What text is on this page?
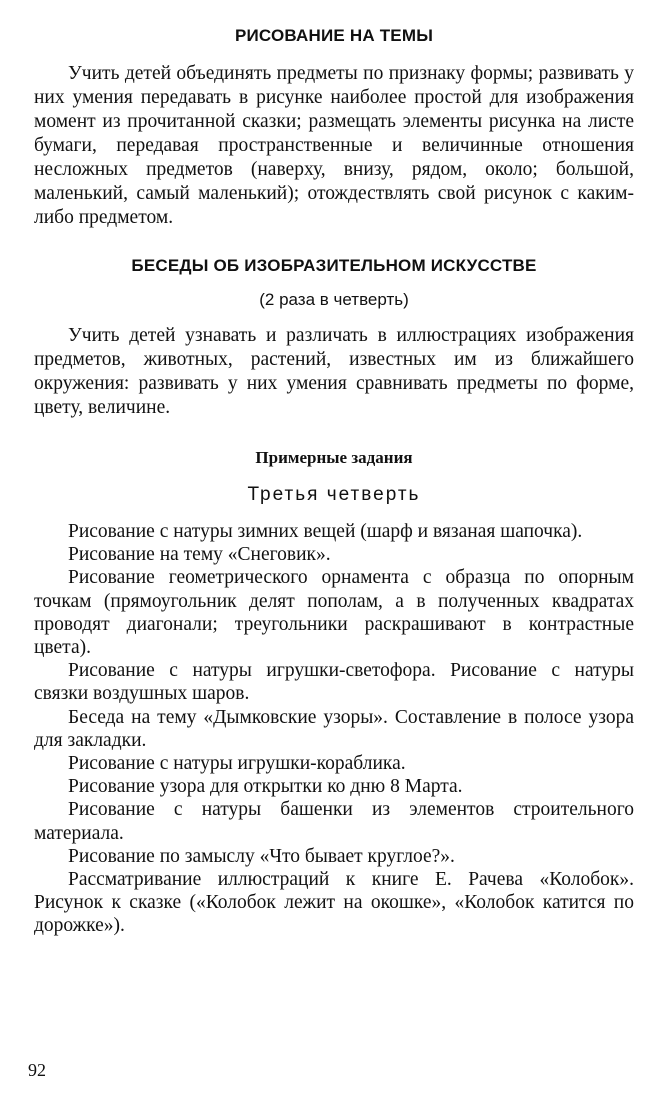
РИСОВАНИЕ НА ТЕМЫ

Учить детей объединять предметы по признаку формы; развивать у них умения передавать в рисунке наиболее простой для изображения момент из прочитанной сказки; размещать элементы рисунка на листе бумаги, передавая пространственные и величинные отношения несложных предметов (наверху, внизу, рядом, около; большой, маленький, самый маленький); отождествлять свой рисунок с каким-либо предметом.

БЕСЕДЫ ОБ ИЗОБРАЗИТЕЛЬНОМ ИСКУССТВЕ

(2 раза в четверть)

Учить детей узнавать и различать в иллюстрациях изображения предметов, животных, растений, известных им из ближайшего окружения: развивать у них умения сравнивать предметы по форме, цвету, величине.

Примерные задания

Третья четверть

Рисование с натуры зимних вещей (шарф и вязаная шапочка).
Рисование на тему «Снеговик».
Рисование геометрического орнамента с образца по опорным точкам (прямоугольник делят пополам, а в полученных квадратах проводят диагонали; треугольники раскрашивают в контрастные цвета).
Рисование с натуры игрушки-светофора. Рисование с натуры связки воздушных шаров.
Беседа на тему «Дымковские узоры». Составление в полосе узора для закладки.
Рисование с натуры игрушки-кораблика.
Рисование узора для открытки ко дню 8 Марта.
Рисование с натуры башенки из элементов строительного материала.
Рисование по замыслу «Что бывает круглое?».
Рассматривание иллюстраций к книге Е. Рачева «Колобок». Рисунок к сказке («Колобок лежит на окошке», «Колобок катится по дорожке»).

92
